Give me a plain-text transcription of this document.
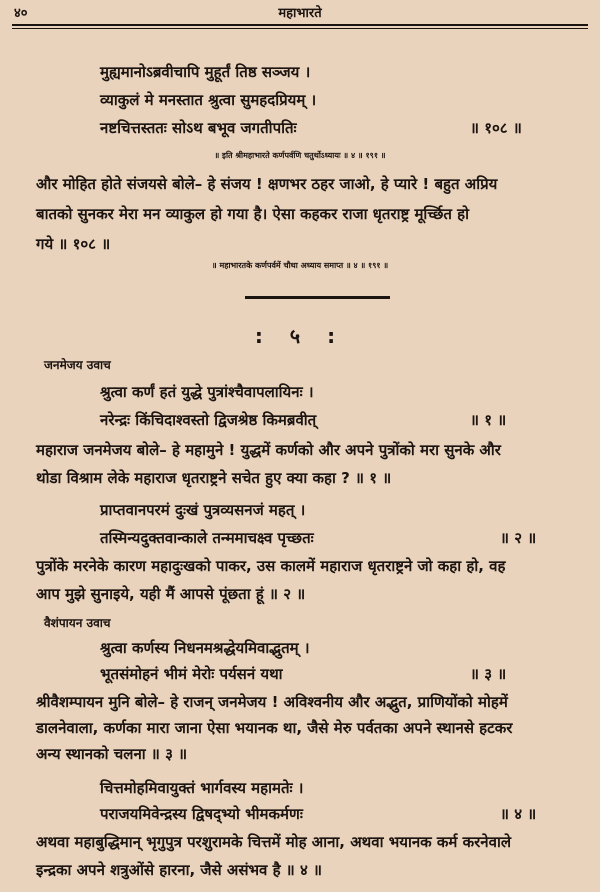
४०	महाभारते
मुह्यमानोऽब्रवीचापि मुहूर्तं तिष्ठ सञ्जय ।
व्याकुलं मे मनस्तात श्रुत्वा सुमहदप्रियम् ।
नष्टचित्तस्ततः सोऽथ बभूव जगतीपतिः	॥ १०८ ॥
॥ इति श्रीमहाभारते कर्णपर्वणि चतुर्थोऽध्यायः ॥ ४ ॥ १९१ ॥
और मोहित होते संजयसे बोले– हे संजय ! क्षणभर ठहर जाओ, हे प्यारे ! बहुत अप्रिय
बातको सुनकर मेरा मन व्याकुल हो गया है। ऐसा कहकर राजा धृतराष्ट्र मूर्च्छित हो
गये ॥ १०८ ॥
॥ महाभारतके कर्णपर्वमें चौथा अध्याय समाप्त ॥ ४ ॥ १९१ ॥
: ५ :
जनमेजय उवाच
श्रुत्वा कर्णं हतं युद्धे पुत्रांश्चैवापलायिनः ।
नरेन्द्रः किंचिदाश्वस्तो द्विजश्रेष्ठ किमब्रवीत्	॥ १ ॥
महाराज जनमेजय बोले– हे महामुने ! युद्धमें कर्णको और अपने पुत्रोंको मरा सुनके और
थोडा विश्राम लेके महाराज धृतराष्ट्रने सचेत हुए क्या कहा ? ॥ १ ॥
प्राप्तवानपरमं दुःखं पुत्रव्यसनजं महत् ।
तस्मिन्यदुक्तवान्काले तन्ममाचक्ष्व पृच्छतः	॥ २ ॥
पुत्रोंके मरनेके कारण महादुःखको पाकर, उस कालमें महाराज धृतराष्ट्रने जो कहा हो, वह
आप मुझे सुनाइये, यही मैं आपसे पूंछता हूं ॥ २ ॥
वैशंपायन उवाच
श्रुत्वा कर्णस्य निधनमश्रद्धेयमिवाद्भुतम् ।
भूतसंमोहनं भीमं मेरोः पर्यसनं यथा	॥ ३ ॥
श्रीवैशम्पायन मुनि बोले– हे राजन् जनमेजय ! अविश्वनीय और अद्भुत, प्राणियोंको मोहमें
डालनेवाला, कर्णका मारा जाना ऐसा भयानक था, जैसे मेरु पर्वतका अपने स्थानसे हटकर
अन्य स्थानको चलना ॥ ३ ॥
चित्तमोहमिवायुक्तं भार्गवस्य महामतेः ।
पराजयमिवेन्द्रस्य द्विषद्भ्यो भीमकर्मणः	॥ ४ ॥
अथवा महाबुद्धिमान् भृगुपुत्र परशुरामके चित्तमें मोह आना, अथवा भयानक कर्म करनेवाले
इन्द्रका अपने शत्रुओंसे हारना, जैसे असंभव है ॥ ४ ॥
